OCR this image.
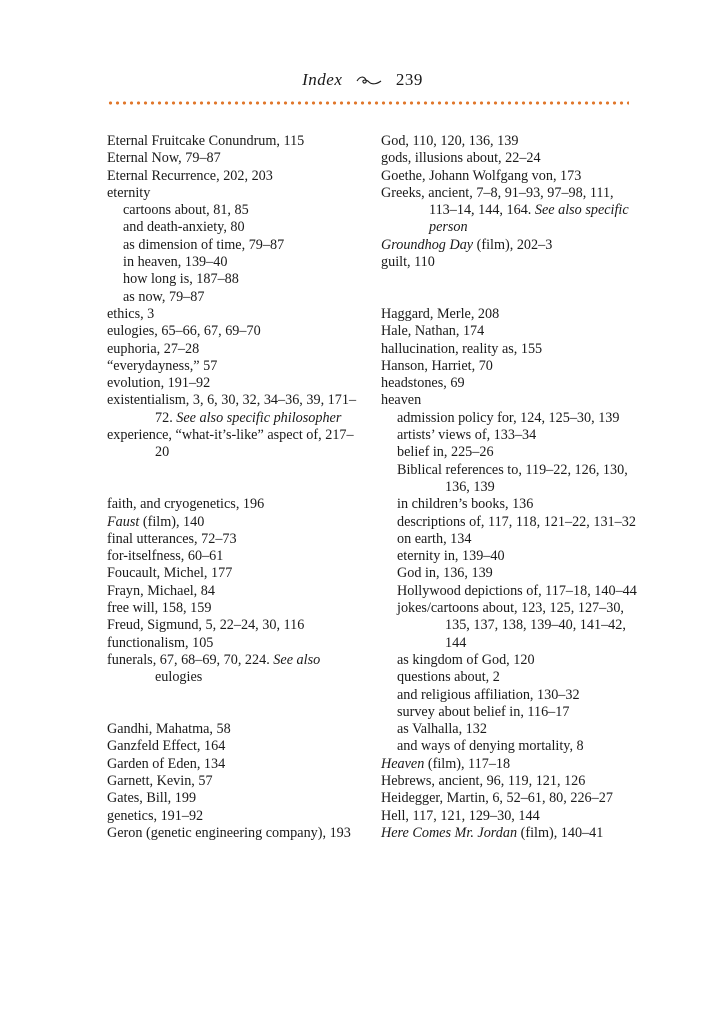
Index	239
Eternal Fruitcake Conundrum, 115
Eternal Now, 79–87
Eternal Recurrence, 202, 203
eternity
cartoons about, 81, 85
and death-anxiety, 80
as dimension of time, 79–87
in heaven, 139–40
how long is, 187–88
as now, 79–87
ethics, 3
eulogies, 65–66, 67, 69–70
euphoria, 27–28
“everydayness,” 57
evolution, 191–92
existentialism, 3, 6, 30, 32, 34–36, 39, 171–72. See also specific philosopher
experience, “what-it’s-like” aspect of, 217–20
faith, and cryogenetics, 196
Faust (film), 140
final utterances, 72–73
for-itselfness, 60–61
Foucault, Michel, 177
Frayn, Michael, 84
free will, 158, 159
Freud, Sigmund, 5, 22–24, 30, 116
functionalism, 105
funerals, 67, 68–69, 70, 224. See also eulogies
Gandhi, Mahatma, 58
Ganzfeld Effect, 164
Garden of Eden, 134
Garnett, Kevin, 57
Gates, Bill, 199
genetics, 191–92
Geron (genetic engineering company), 193
God, 110, 120, 136, 139
gods, illusions about, 22–24
Goethe, Johann Wolfgang von, 173
Greeks, ancient, 7–8, 91–93, 97–98, 111, 113–14, 144, 164. See also specific person
Groundhog Day (film), 202–3
guilt, 110
Haggard, Merle, 208
Hale, Nathan, 174
hallucination, reality as, 155
Hanson, Harriet, 70
headstones, 69
heaven
admission policy for, 124, 125–30, 139
artists’ views of, 133–34
belief in, 225–26
Biblical references to, 119–22, 126, 130, 136, 139
in children’s books, 136
descriptions of, 117, 118, 121–22, 131–32
on earth, 134
eternity in, 139–40
God in, 136, 139
Hollywood depictions of, 117–18, 140–44
jokes/cartoons about, 123, 125, 127–30, 135, 137, 138, 139–40, 141–42, 144
as kingdom of God, 120
questions about, 2
and religious affiliation, 130–32
survey about belief in, 116–17
as Valhalla, 132
and ways of denying mortality, 8
Heaven (film), 117–18
Hebrews, ancient, 96, 119, 121, 126
Heidegger, Martin, 6, 52–61, 80, 226–27
Hell, 117, 121, 129–30, 144
Here Comes Mr. Jordan (film), 140–41
